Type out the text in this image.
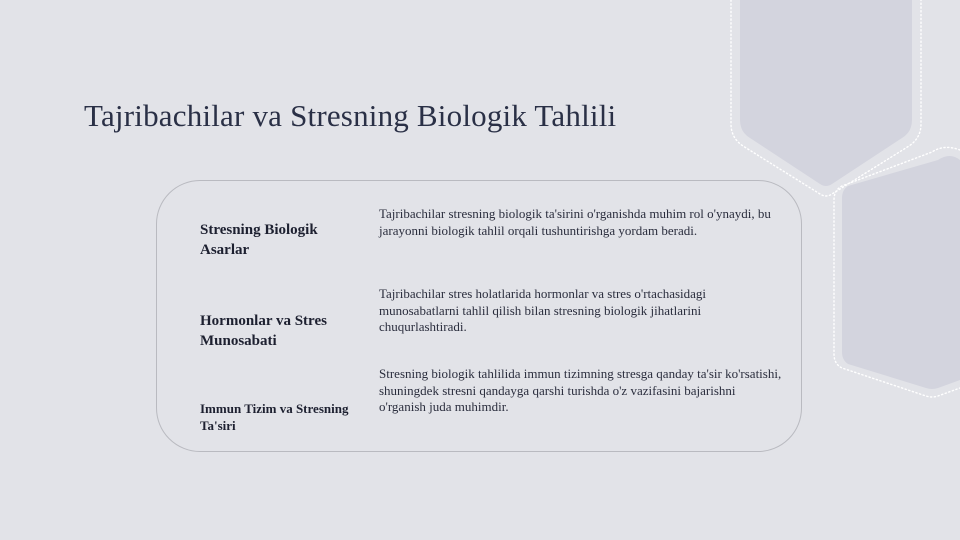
Tajribachilar va Stresning Biologik Tahlili

Stresning Biologik Asarlar

Tajribachilar stresning biologik ta'sirini o'rganishda muhim rol o'ynaydi, bu jarayonni biologik tahlil orqali tushuntirishga yordam beradi.

Hormonlar va Stres Munosabati

Tajribachilar stres holatlarida hormonlar va stres o'rtachasidagi munosabatlarni tahlil qilish bilan stresning biologik jihatlarini chuqurlashtiradi.

Immun Tizim va Stresning Ta'siri

Stresning biologik tahlilida immun tizimning stresga qanday ta'sir ko'rsatishi, shuningdek stresni qandayga qarshi turishda o'z vazifasini bajarishni o'rganish juda muhimdir.
